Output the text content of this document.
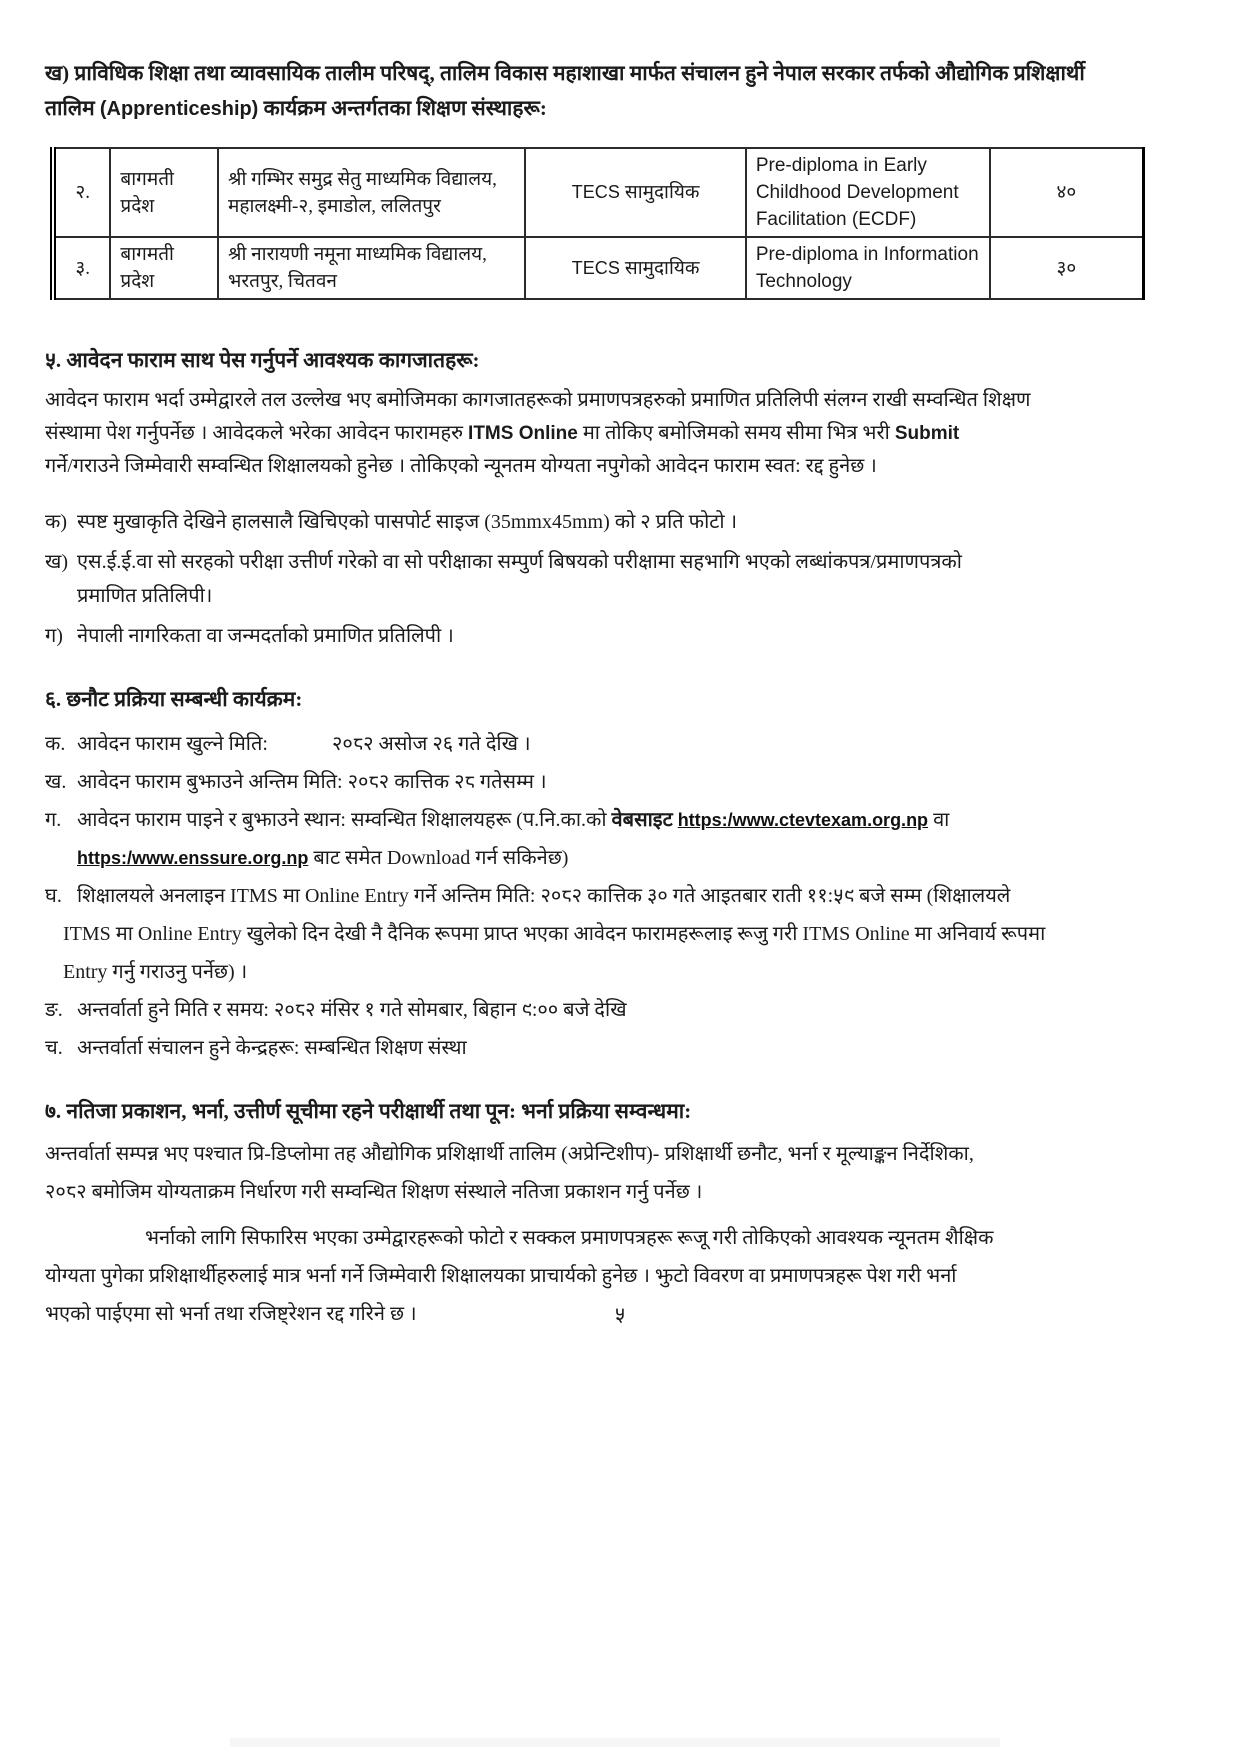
ख) प्राविधिक शिक्षा तथा व्यावसायिक तालीम परिषद्, तालिम विकास महाशाखा मार्फत संचालन हुने नेपाल सरकार तर्फको औद्योगिक प्रशिक्षार्थी
तालिम (Apprenticeship) कार्यक्रम अन्तर्गतका शिक्षण संस्थाहरू:
२.	बागमती प्रदेश	श्री गम्भिर समुद्र सेतु माध्यमिक विद्यालय, महालक्ष्मी-२, इमाडोल, ललितपुर	TECS सामुदायिक	Pre-diploma in Early Childhood Development Facilitation (ECDF)	४०
३.	बागमती प्रदेश	श्री नारायणी नमूना माध्यमिक विद्यालय, भरतपुर, चितवन	TECS सामुदायिक	Pre-diploma in Information Technology	३०
५. आवेदन फाराम साथ पेस गर्नुपर्ने आवश्यक कागजातहरू:
आवेदन फाराम भर्दा उम्मेद्वारले तल उल्लेख भए बमोजिमका कागजातहरूको प्रमाणपत्रहरुको प्रमाणित प्रतिलिपी संलग्न राखी सम्वन्धित शिक्षण
संस्थामा पेश गर्नुपर्नेछ । आवेदकले भरेका आवेदन फारामहरु ITMS Online मा तोकिए बमोजिमको समय सीमा भित्र भरी Submit
गर्ने/गराउने जिम्मेवारी सम्वन्धित शिक्षालयको हुनेछ । तोकिएको न्यूनतम योग्यता नपुगेको आवेदन फाराम स्वत: रद्द हुनेछ ।
क) स्पष्ट मुखाकृति देखिने हालसालै खिचिएको पासपोर्ट साइज (35mmx45mm) को २ प्रति फोटो ।
ख) एस.ई.ई.वा सो सरहको परीक्षा उत्तीर्ण गरेको वा सो परीक्षाका सम्पुर्ण बिषयको परीक्षामा सहभागि भएको लब्धांकपत्र/प्रमाणपत्रको
प्रमाणित प्रतिलिपी।
ग) नेपाली नागरिकता वा जन्मदर्ताको प्रमाणित प्रतिलिपी ।
६. छनौट प्रक्रिया सम्बन्धी कार्यक्रम:
क. आवेदन फाराम खुल्ने मिति:	२०८२ असोज २६ गते देखि ।
ख. आवेदन फाराम बुझाउने अन्तिम मिति: २०८२ कात्तिक २८ गतेसम्म ।
ग. आवेदन फाराम पाइने र बुझाउने स्थान: सम्वन्धित शिक्षालयहरू (प.नि.का.को वेबसाइट https:/www.ctevtexam.org.np वा
https:/www.enssure.org.np बाट समेत Download गर्न सकिनेछ)
घ. शिक्षालयले अनलाइन ITMS मा Online Entry गर्ने अन्तिम मिति: २०८२ कात्तिक ३० गते आइतबार राती ११:५९ बजे सम्म (शिक्षालयले
ITMS मा Online Entry खुलेको दिन देखी नै दैनिक रूपमा प्राप्त भएका आवेदन फारामहरूलाइ रूजु गरी ITMS Online मा अनिवार्य रूपमा
Entry गर्नु गराउनु पर्नेछ) ।
ङ. अन्तर्वार्ता हुने मिति र समय: २०८२ मंसिर १ गते सोमबार, बिहान ९:०० बजे देखि
च. अन्तर्वार्ता संचालन हुने केन्द्रहरू: सम्बन्धित शिक्षण संस्था
७. नतिजा प्रकाशन, भर्ना, उत्तीर्ण सूचीमा रहने परीक्षार्थी तथा पून: भर्ना प्रक्रिया सम्वन्धमा:
अन्तर्वार्ता सम्पन्न भए पश्चात प्रि-डिप्लोमा तह औद्योगिक प्रशिक्षार्थी तालिम (अप्रेन्टिशीप)- प्रशिक्षार्थी छनौट, भर्ना र मूल्याङ्कन निर्देशिका,
२०८२ बमोजिम योग्यताक्रम निर्धारण गरी सम्वन्धित शिक्षण संस्थाले नतिजा प्रकाशन गर्नु पर्नेछ ।
भर्नाको लागि सिफारिस भएका उम्मेद्वारहरूको फोटो र सक्कल प्रमाणपत्रहरू रूजू गरी तोकिएको आवश्यक न्यूनतम शैक्षिक
योग्यता पुगेका प्रशिक्षार्थीहरुलाई मात्र भर्ना गर्ने जिम्मेवारी शिक्षालयका प्राचार्यको हुनेछ । झुटो विवरण वा प्रमाणपत्रहरू पेश गरी भर्ना
भएको पाईएमा सो भर्ना तथा रजिष्ट्रेशन रद्द गरिने छ ।	५
